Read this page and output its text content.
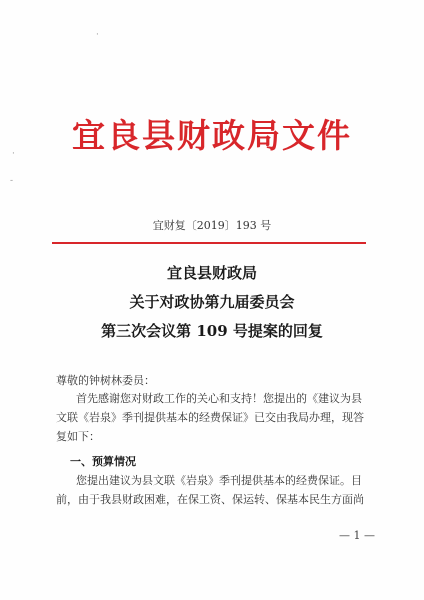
·
·
-
宜良县财政局文件
宜财复〔2019〕193 号
宜良县财政局
关于对政协第九届委员会
第三次会议第 109 号提案的回复
尊敬的钟树林委员：
首先感谢您对财政工作的关心和支持！您提出的《建议为县
文联《岩泉》季刊提供基本的经费保证》已交由我局办理，现答
复如下：
一、预算情况
您提出建议为县文联《岩泉》季刊提供基本的经费保证。目
前，由于我县财政困难，在保工资、保运转、保基本民生方面尚
— 1 —
